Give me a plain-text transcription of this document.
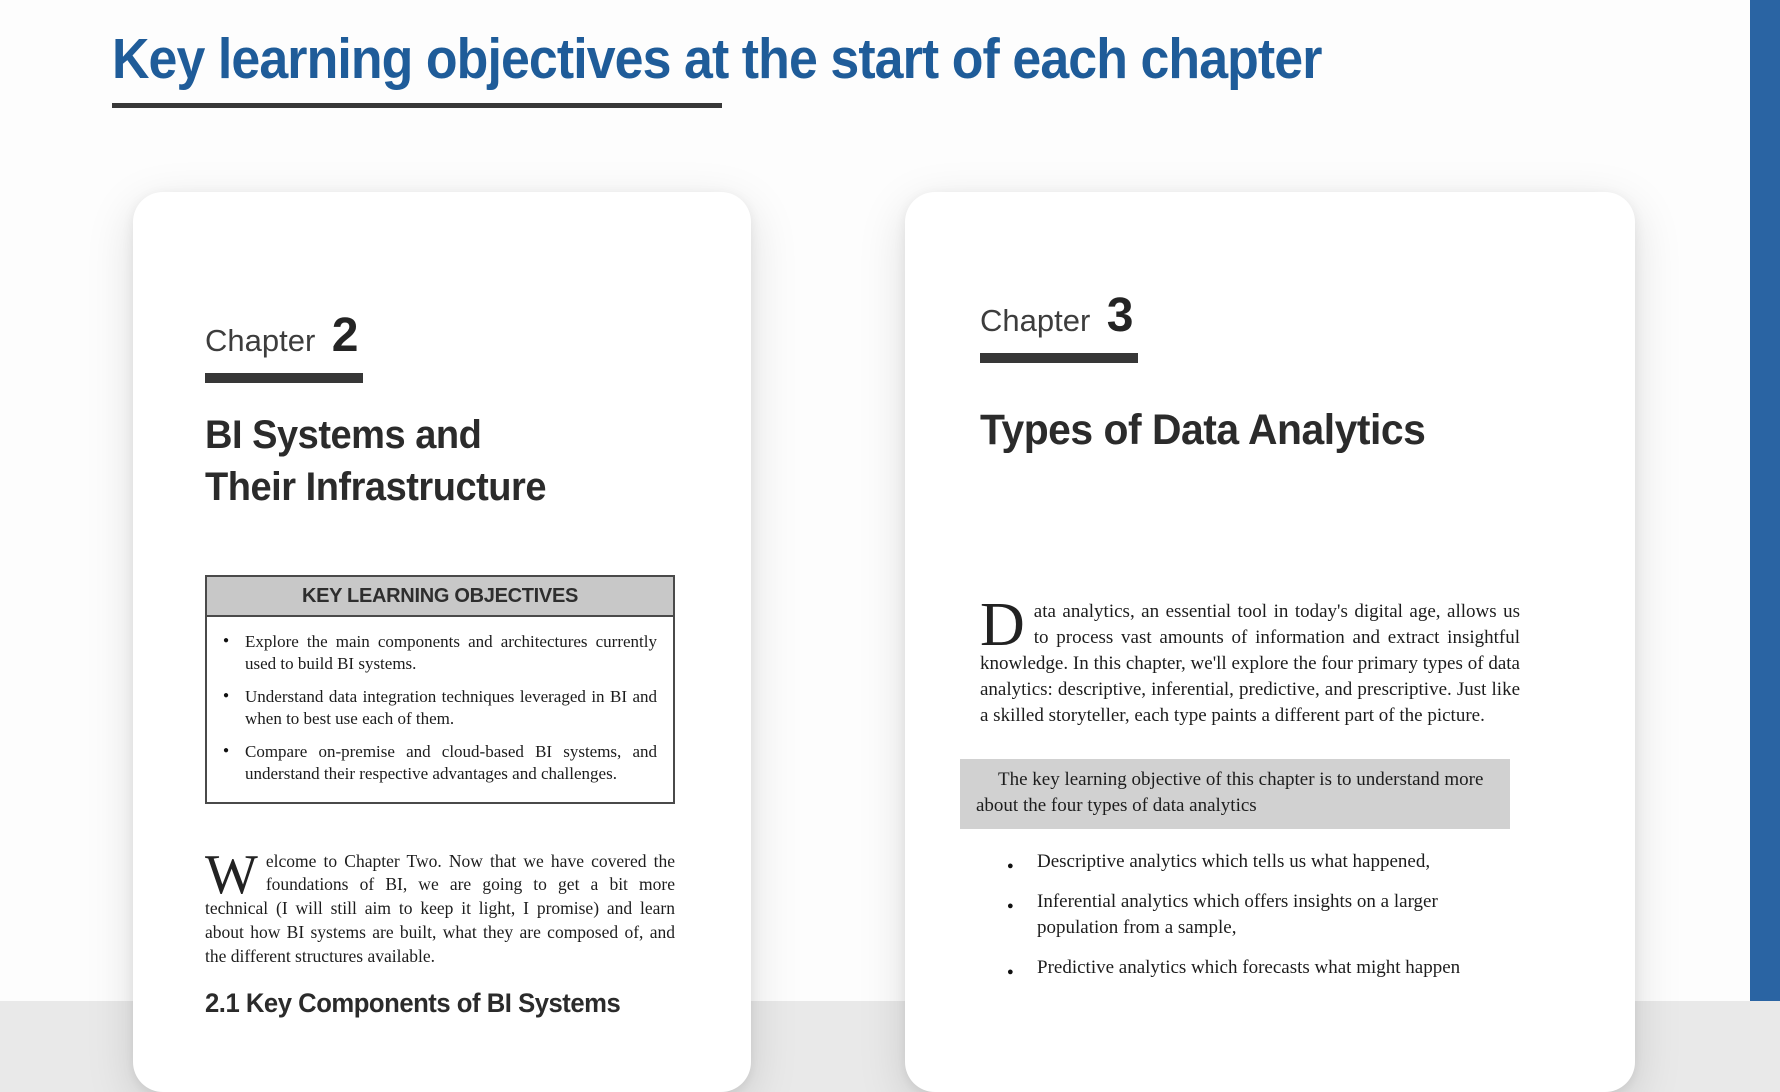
Key learning objectives at the start of each chapter
Chapter 2
BI Systems and
Their Infrastructure
KEY LEARNING OBJECTIVES
● Explore the main components and architectures currently used to build BI systems.
● Understand data integration techniques leveraged in BI and when to best use each of them.
● Compare on-premise and cloud-based BI systems, and understand their respective advantages and challenges.

Welcome to Chapter Two. Now that we have covered the foundations of BI, we are going to get a bit more technical (I will still aim to keep it light, I promise) and learn about how BI systems are built, what they are composed of, and the different structures available.

2.1 Key Components of BI Systems
Chapter 3
Types of Data Analytics

Data analytics, an essential tool in today's digital age, allows us to process vast amounts of information and extract insightful knowledge. In this chapter, we'll explore the four primary types of data analytics: descriptive, inferential, predictive, and prescriptive. Just like a skilled storyteller, each type paints a different part of the picture.

The key learning objective of this chapter is to understand more about the four types of data analytics
● Descriptive analytics which tells us what happened,
● Inferential analytics which offers insights on a larger population from a sample,
● Predictive analytics which forecasts what might happen
